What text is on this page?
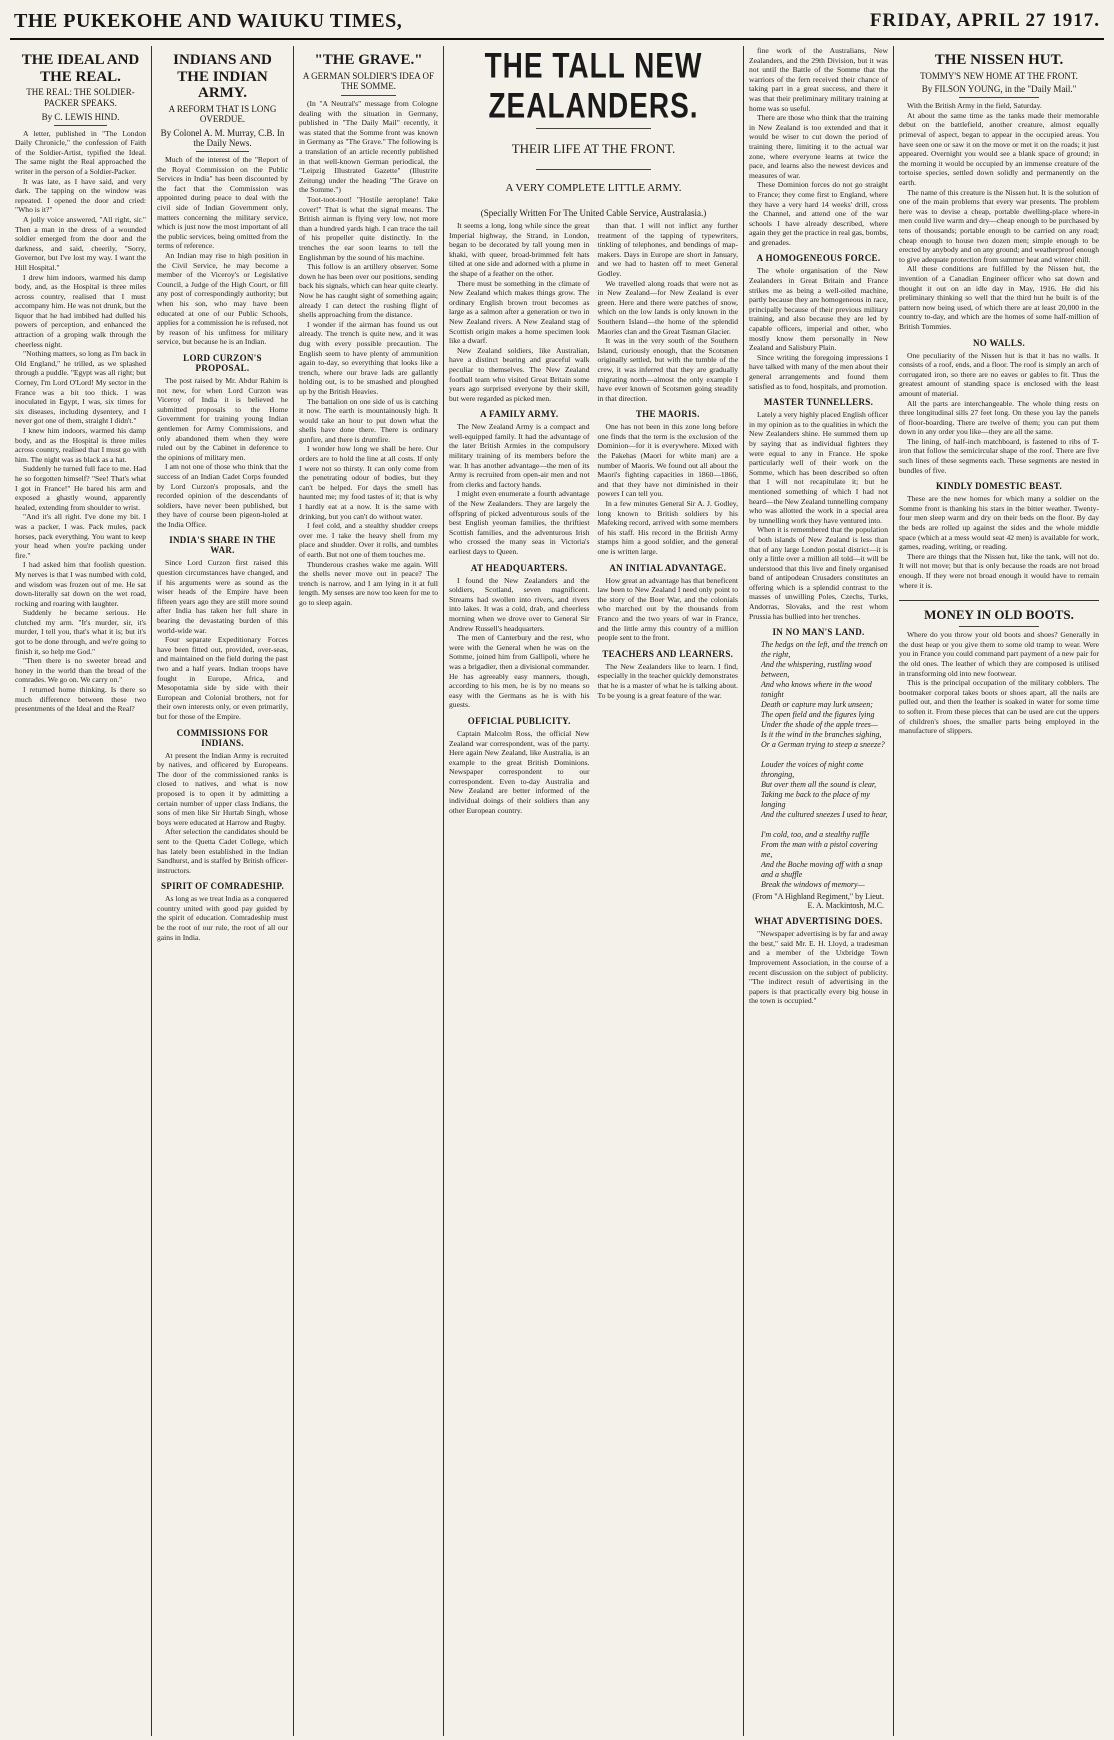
THE PUKEKOHE AND WAIUKU TIMES,	FRIDAY, APRIL 27 1917.
THE IDEAL AND THE REAL.
THE REAL: THE SOLDIER-PACKER SPEAKS.
By C. LEWIS HIND.

A letter, published in "The London Daily Chronicle," the confession of Faith of the Soldier-Artist, typified the Ideal. The same night the Real approached the writer in the person of a Soldier-Packer.

It was late, as I have said, and very dark. The tapping on the window was repeated. I opened the door and cried: "Who is it?"

A jolly voice answered, "All right, sir." Then a man in the dress of a wounded soldier emerged from the door and the darkness, and said, cheerily, "Sorry, Governor, but I've lost my way. I want the Hill Hospital."

I drew him indoors, warmed his damp body, and, as the Hospital is three miles across country, realised that I must accompany him. He was not drunk, but the liquor that he had imbibed had dulled his powers of perception, and enhanced the attraction of a groping walk through the cheerless night.

"Nothing matters, so long as I'm back in Old England," he trilled, as we splashed through a puddle. "Egypt was all right; but Corney, I'm Lord O'Lord! My sector in the France was a bit too thick. I was inoculated in Egypt, I was, six times for six diseases, including dysentery, and I never got one of them, straight I didn't."

I knew him indoors, warmed his damp body, and as the Hospital is three miles across country, realised that I must go with him. The night was as black as a hat.

Suddenly he turned full face to me. Had he so forgotten himself? "See! That's what I got in France!" He bared his arm and exposed a ghastly wound, apparently healed, extending from shoulder to wrist.

"And it's all right. I've done my bit. I was a packer, I was. Pack mules, pack horses, pack everything. You want to keep your head when you're packing under fire."

I had asked him that foolish question. My nerves is that I was numbed with cold, and wisdom was frozen out of me. He sat down-literally sat down on the wet road, rocking and roaring with laughter.

Suddenly he became serious. He clutched my arm. "It's murder, sir, it's murder, I tell you, that's what it is; but it's got to be done through, and we're going to finish it, so help me God."

"Then there is no sweeter bread and honey in the world than the bread of the comrades. We go on. We carry on."

I returned home thinking. Is there so much difference between these two presentments of the Ideal and the Real?

INDIANS AND THE INDIAN ARMY.
A REFORM THAT IS LONG OVERDUE.
By Colonel A. M. Murray, C.B. In the Daily News.

Much of the interest of the "Report of the Royal Commission on the Public Services in India" has been discounted by the fact that the Commission was appointed during peace to deal with the civil side of Indian Government only, matters concerning the military service, which is just now the most important of all the public services, being omitted from the terms of reference.

An Indian may rise to high position in the Civil Service, he may become a member of the Viceroy's or Legislative Council, a Judge of the High Court, or fill any post of correspondingly authority; but when his son, who may have been educated at one of our Public Schools, applies for a commission he is refused, not by reason of his unfitness for military service, but because he is an Indian.

LORD CURZON'S PROPOSAL.

The post raised by Mr. Abdur Rahim is not new, for when Lord Curzon was Viceroy of India it is believed he submitted proposals to the Home Government for training young Indian gentlemen for Army Commissions, and only abandoned them when they were ruled out by the Cabinet in deference to the opinions of military men.

I am not one of those who think that the success of an Indian Cadet Corps founded by Lord Curzon's proposals, and the recorded opinion of the descendants of soldiers, have never been published, but they have of course been pigeon-holed at the India Office.

INDIA'S SHARE IN THE WAR.

Since Lord Curzon first raised this question circumstances have changed, and if his arguments were as sound as the wiser heads of the Empire have been fifteen years ago they are still more sound after India has taken her full share in bearing the devastating burden of this world-wide war.

Four separate Expeditionary Forces have been fitted out, provided, over-seas, and maintained on the field during the past two and a half years. Indian troops have fought in Europe, Africa, and Mesopotamia side by side with their European and Colonial brothers, not for their own interests only, or even primarily, but for those of the Empire.

COMMISSIONS FOR INDIANS.

At present the Indian Army is recruited by natives, and officered by Europeans. The door of the commissioned ranks is closed to natives, and what is now proposed is to open it by admitting a certain number of upper class Indians, the sons of men like Sir Hurtab Singh, whose boys were educated at Harrow and Rugby.

After selection the candidates should be sent to the Quetta Cadet College, which has lately been established in the Indian Sandhurst, and is staffed by British officer-instructors.

SPIRIT OF COMRADESHIP.

As long as we treat India as a conquered country united with good pay guided by the spirit of education. Comradeship must be the root of our rule, the root of all our gains in India.

"THE GRAVE."
A GERMAN SOLDIER'S IDEA OF THE SOMME.

(In "A Neutral's" message from Cologne dealing with the situation in Germany, published in "The Daily Mail" recently, it was stated that the Somme front was known in Germany as "The Grave." The following is a translation of an article recently published in that well-known German periodical, the "Leipzig Illustrated Gazette" (Illustrite Zeitung) under the heading "The Grave on the Somme.")

Toot-toot-toot! "Hostile aeroplane! Take cover!" That is what the signal means. The British airman is flying very low, not more than a hundred yards high. I can trace the tail of his propeller quite distinctly. In the trenches the ear soon learns to tell the Englishman by the sound of his machine.

This follow is an artillery observer. Some down he has been over our positions, sending back his signals, which can hear quite clearly. Now he has caught sight of something again; already I can detect the rushing flight of shells approaching from the distance.

I wonder if the airman has found us out already. The trench is quite new, and it was dug with every possible precaution. The English seem to have plenty of ammunition again to-day, so everything that looks like a trench, where our brave lads are gallantly holding out, is to be smashed and ploughed up by the British Heavies.

The battalion on one side of us is catching it now. The earth is mountainously high. It would take an hour to put down what the shells have done there. There is ordinary gunfire, and there is drumfire.

I wonder how long we shall be here. Our orders are to hold the line at all costs. If only I were not so thirsty. It can only come from the penetrating odour of bodies, but they can't be helped. For days the smell has haunted me; my food tastes of it; that is why I hardly eat at a now. It is the same with drinking, but you can't do without water.

I feel cold, and a stealthy shudder creeps over me. I take the heavy shell from my place and shudder. Over it rolls, and tumbles of earth. But not one of them touches me.

Thunderous crashes wake me again. Will the shells never move out in peace? The trench is narrow, and I am lying in it at full length. My senses are now too keen for me to go to sleep again.

THE TALL NEW ZEALANDERS.
THEIR LIFE AT THE FRONT.
A VERY COMPLETE LITTLE ARMY.
(Specially Written For The United Cable Service, Australasia.)

It seems a long, long while since the great Imperial highway, the Strand, in London, began to be decorated by tall young men in khaki, with queer, broad-brimmed felt hats tilted at one side and adorned with a plume in the shape of a feather on the other.

There must be something in the climate of New Zealand which makes things grow. The ordinary English brown trout becomes as large as a salmon after a generation or two in New Zealand rivers. A New Zealand stag of Scottish origin makes a home specimen look like a dwarf.

New Zealand soldiers, like Australian, have a distinct bearing and graceful walk peculiar to themselves. The New Zealand football team who visited Great Britain some years ago surprised everyone by their skill, but were regarded as picked men.

A FAMILY ARMY.

The New Zealand Army is a compact and well-equipped family. It had the advantage of the later British Armies in the compulsory military training of its members before the war. It has another advantage—the men of its Army is recruited from open-air men and not from clerks and factory hands.

I might even enumerate a fourth advantage of the New Zealanders. They are largely the offspring of picked adventurous souls of the best English yeoman families, the thriftiest Scottish families, and the adventurous Irish who crossed the many seas in Victoria's earliest days to Queen.

AT HEADQUARTERS.

I found the New Zealanders and the soldiers, Scotland, seven magnificent. Streams had swollen into rivers, and rivers into lakes. It was a cold, drab, and cheerless morning when we drove over to General Sir Andrew Russell's headquarters.

The men of Canterbury and the rest, who were with the General when he was on the Somme, joined him from Gallipoli, where he was a brigadier, then a divisional commander. He has agreeably easy manners, though, according to his men, he is by no means so easy with the Germans as he is with his guests.

OFFICIAL PUBLICITY.

Captain Malcolm Ross, the official New Zealand war correspondent, was of the party. Here again New Zealand, like Australia, is an example to the great British Dominions. Newspaper correspondent to our correspondent. Even to-day Australia and New Zealand are better informed of the individual doings of their soldiers than any other European country.

than that. I will not inflict any further treatment of the tapping of typewriters, tinkling of telephones, and bendings of map-makers. Days in Europe are short in January, and we had to hasten off to meet General Godley.

We travelled along roads that were not as in New Zealand—for New Zealand is ever green. Here and there were patches of snow, which on the low lands is only known in the Southern Island—the home of the splendid Maories clan and the Great Tasman Glacier.

It was in the very south of the Southern Island, curiously enough, that the Scotsmen originally settled, but with the tumble of the crew, it was inferred that they are gradually migrating north—almost the only example I have ever known of Scotsmen going steadily in that direction.

THE MAORIS.

One has not been in this zone long before one finds that the term is the exclusion of the Dominion—for it is everywhere. Mixed with the Pakehas (Maori for white man) are a number of Maoris. We found out all about the Maori's fighting capacities in 1860—1866, and that they have not diminished in their powers I can tell you.

In a few minutes General Sir A. J. Godley, long known to British soldiers by his Mafeking record, arrived with some members of his staff. His record in the British Army stamps him a good soldier, and the general one is written large.

AN INITIAL ADVANTAGE.

How great an advantage has that beneficent law been to New Zealand I need only point to the story of the Boer War, and the colonials who marched out by the thousands from Franco and the two years of war in France, and the little army this country of a million people sent to the front.

TEACHERS AND LEARNERS.

The New Zealanders like to learn. I find, especially in the teacher quickly demonstrates that he is a master of what he is talking about. To be young is a great feature of the war.

fine work of the Australians, New Zealanders, and the 29th Division, but it was not until the Battle of the Somme that the warriors of the fern received their chance of taking part in a great success, and there it was that their preliminary military training at home was so useful.

There are those who think that the training in New Zealand is too extended and that it would be wiser to cut down the period of training there, limiting it to the actual war zone, where everyone learns at twice the pace, and learns also the newest devices and measures of war.

These Dominion forces do not go straight to France; they come first to England, where they have a very hard 14 weeks' drill, cross the Channel, and attend one of the war schools I have already described, where again they get the practice in real gas, bombs, and grenades.

A HOMOGENEOUS FORCE.

The whole organisation of the New Zealanders in Great Britain and France strikes me as being a well-oiled machine, partly because they are homogeneous in race, principally because of their previous military training, and also because they are led by capable officers, imperial and other, who mostly know them personally in New Zealand and Salisbury Plain.

Since writing the foregoing impressions I have talked with many of the men about their general arrangements and found them satisfied as to food, hospitals, and promotion.

MASTER TUNNELLERS.

Lately a very highly placed English officer in my opinion as to the qualities in which the New Zealanders shine. He summed them up by saying that as individual fighters they were equal to any in France. He spoke particularly well of their work on the Somme, which has been described so often that I will not recapitulate it; but he mentioned something of which I had not heard—the New Zealand tunnelling company who was allotted the work in a special area by tunnelling work they have ventured into.

When it is remembered that the population of both islands of New Zealand is less than that of any large London postal district—it is only a little over a million all told—it will be understood that this live and finely organised band of antipodean Crusaders constitutes an offering which is a splendid contrast to the masses of unwilling Poles, Czechs, Turks, Andorras, Slovaks, and the rest whom Prussia has bullied into her trenches.

IN NO MAN'S LAND.
The hedgs on the left, and the trench on the right,
And the whispering, rustling wood between,
And who knows where in the wood tonight
Death or capture may lurk unseen;
The open field and the figures lying
Under the shade of the apple trees—
Is it the wind in the branches sighing,
Or a German trying to steep a sneeze?

Louder the voices of night come thronging,
But over them all the sound is clear,
Taking me back to the place of my longing
And the cultured sneezes I used to hear,

I'm cold, too, and a stealthy ruffle
From the man with a pistol covering me,
And the Boche moving off with a snap and a shuffle
Break the windows of memory—
(From "A Highland Regiment," by Lieut. E. A. Mackintosh, M.C.
WHAT ADVERTISING DOES.

"Newspaper advertising is by far and away the best," said Mr. E. H. Lloyd, a tradesman and a member of the Uxbridge Town Improvement Association, in the course of a recent discussion on the subject of publicity. "The indirect result of advertising in the papers is that practically every big house in the town is occupied."

THE NISSEN HUT.
TOMMY'S NEW HOME AT THE FRONT.
By FILSON YOUNG, in the "Daily Mail."

With the British Army in the field, Saturday.

At about the same time as the tanks made their memorable debut on the battlefield, another creature, almost equally primeval of aspect, began to appear in the occupied areas. You have seen one or saw it on the move or met it on the roads; it just appeared. Overnight you would see a blank space of ground; in the morning it would be occupied by an immense creature of the tortoise species, settled down solidly and permanently on the earth.

The name of this creature is the Nissen hut. It is the solution of one of the main problems that every war presents. The problem here was to devise a cheap, portable dwelling-place where-in men could live warm and dry—cheap enough to be purchased by tens of thousands; portable enough to be carried on any road; cheap enough to house two dozen men; simple enough to be erected by anybody and on any ground; and weatherproof enough to give adequate protection from summer heat and winter chill.

All these conditions are fulfilled by the Nissen hut, the invention of a Canadian Engineer officer who sat down and thought it out on an idle day in May, 1916. He did his preliminary thinking so well that the third hut he built is of the pattern now being used, of which there are at least 20,000 in the country to-day, and which are the homes of some half-million of British Tommies.

NO WALLS.

One peculiarity of the Nissen hut is that it has no walls. It consists of a roof, ends, and a floor. The roof is simply an arch of corrugated iron, so there are no eaves or gables to fit. Thus the greatest amount of standing space is enclosed with the least amount of material.

All the parts are interchangeable. The whole thing rests on three longitudinal sills 27 feet long. On these you lay the panels of floor-boarding. There are twelve of them; you can put them down in any order you like—they are all the same.

The lining, of half-inch matchboard, is fastened to ribs of T-iron that follow the semicircular shape of the roof. There are five such lines of these segments each. These segments are nested in bundles of five.

KINDLY DOMESTIC BEAST.

These are the new homes for which many a soldier on the Somme front is thanking his stars in the bitter weather. Twenty-four men sleep warm and dry on their beds on the floor. By day the beds are rolled up against the sides and the whole middle space (which at a mess would seat 42 men) is available for work, games, reading, writing, or reading.

There are things that the Nissen hut, like the tank, will not do. It will not move; but that is only because the roads are not broad enough. If they were not broad enough it would have to remain where it is.

MONEY IN OLD BOOTS.

Where do you throw your old boots and shoes? Generally in the dust heap or you give them to some old tramp to wear. Were you in France you could command part payment of a new pair for the old ones. The leather of which they are composed is utilised in transforming old into new footwear.

This is the principal occupation of the military cobblers. The bootmaker corporal takes boots or shoes apart, all the nails are pulled out, and then the leather is soaked in water for some time to soften it. From these pieces that can be used are cut the uppers of children's shoes, the smaller parts being employed in the manufacture of slippers.
